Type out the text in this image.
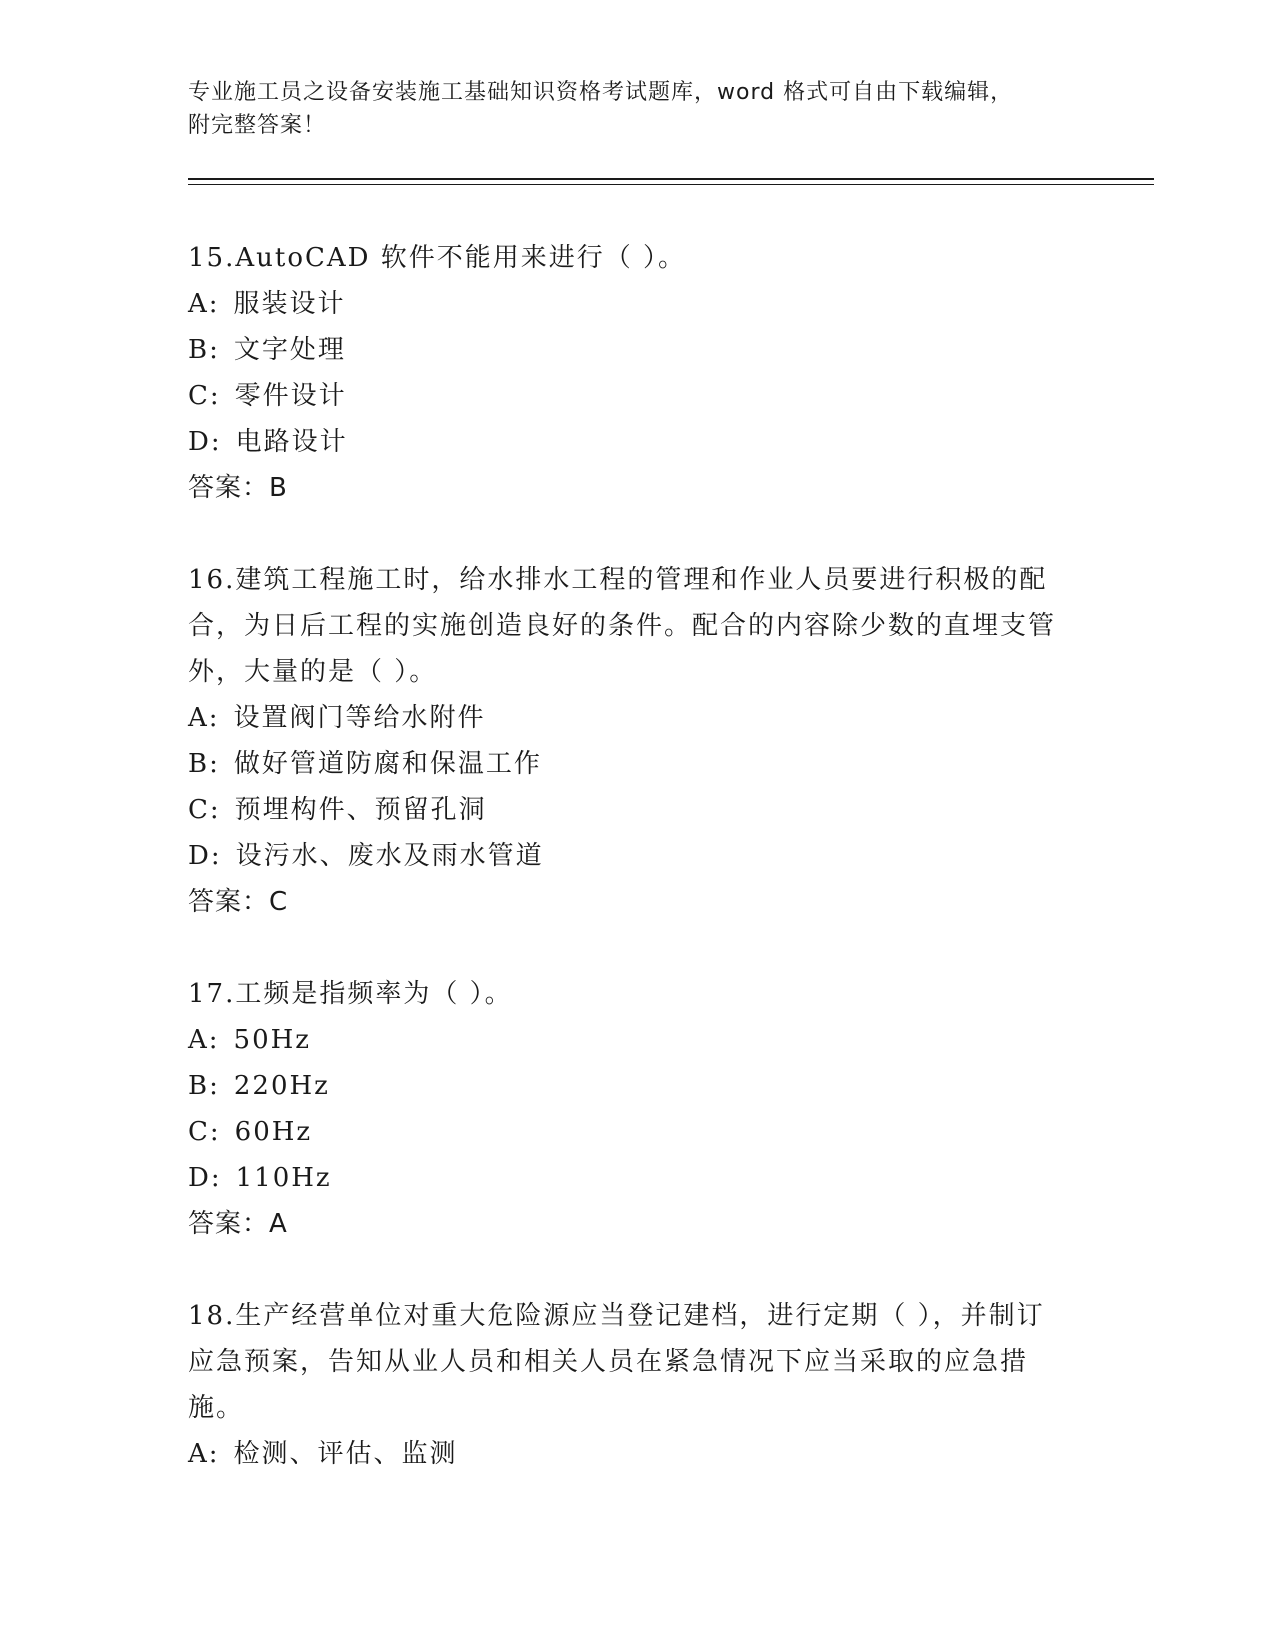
专业施工员之设备安装施工基础知识资格考试题库，word 格式可自由下载编辑，
附完整答案！
15.AutoCAD 软件不能用来进行（ ）。
A: 服装设计
B: 文字处理
C: 零件设计
D: 电路设计
答案：B
16.建筑工程施工时，给水排水工程的管理和作业人员要进行积极的配合，为日后工程的实施创造良好的条件。配合的内容除少数的直埋支管外，大量的是（ ）。
A: 设置阀门等给水附件
B: 做好管道防腐和保温工作
C: 预埋构件、预留孔洞
D: 设污水、废水及雨水管道
答案：C
17.工频是指频率为（ ）。
A: 50Hz
B: 220Hz
C: 60Hz
D: 110Hz
答案：A
18.生产经营单位对重大危险源应当登记建档，进行定期（ ），并制订应急预案，告知从业人员和相关人员在紧急情况下应当采取的应急措施。
A: 检测、评估、监测
